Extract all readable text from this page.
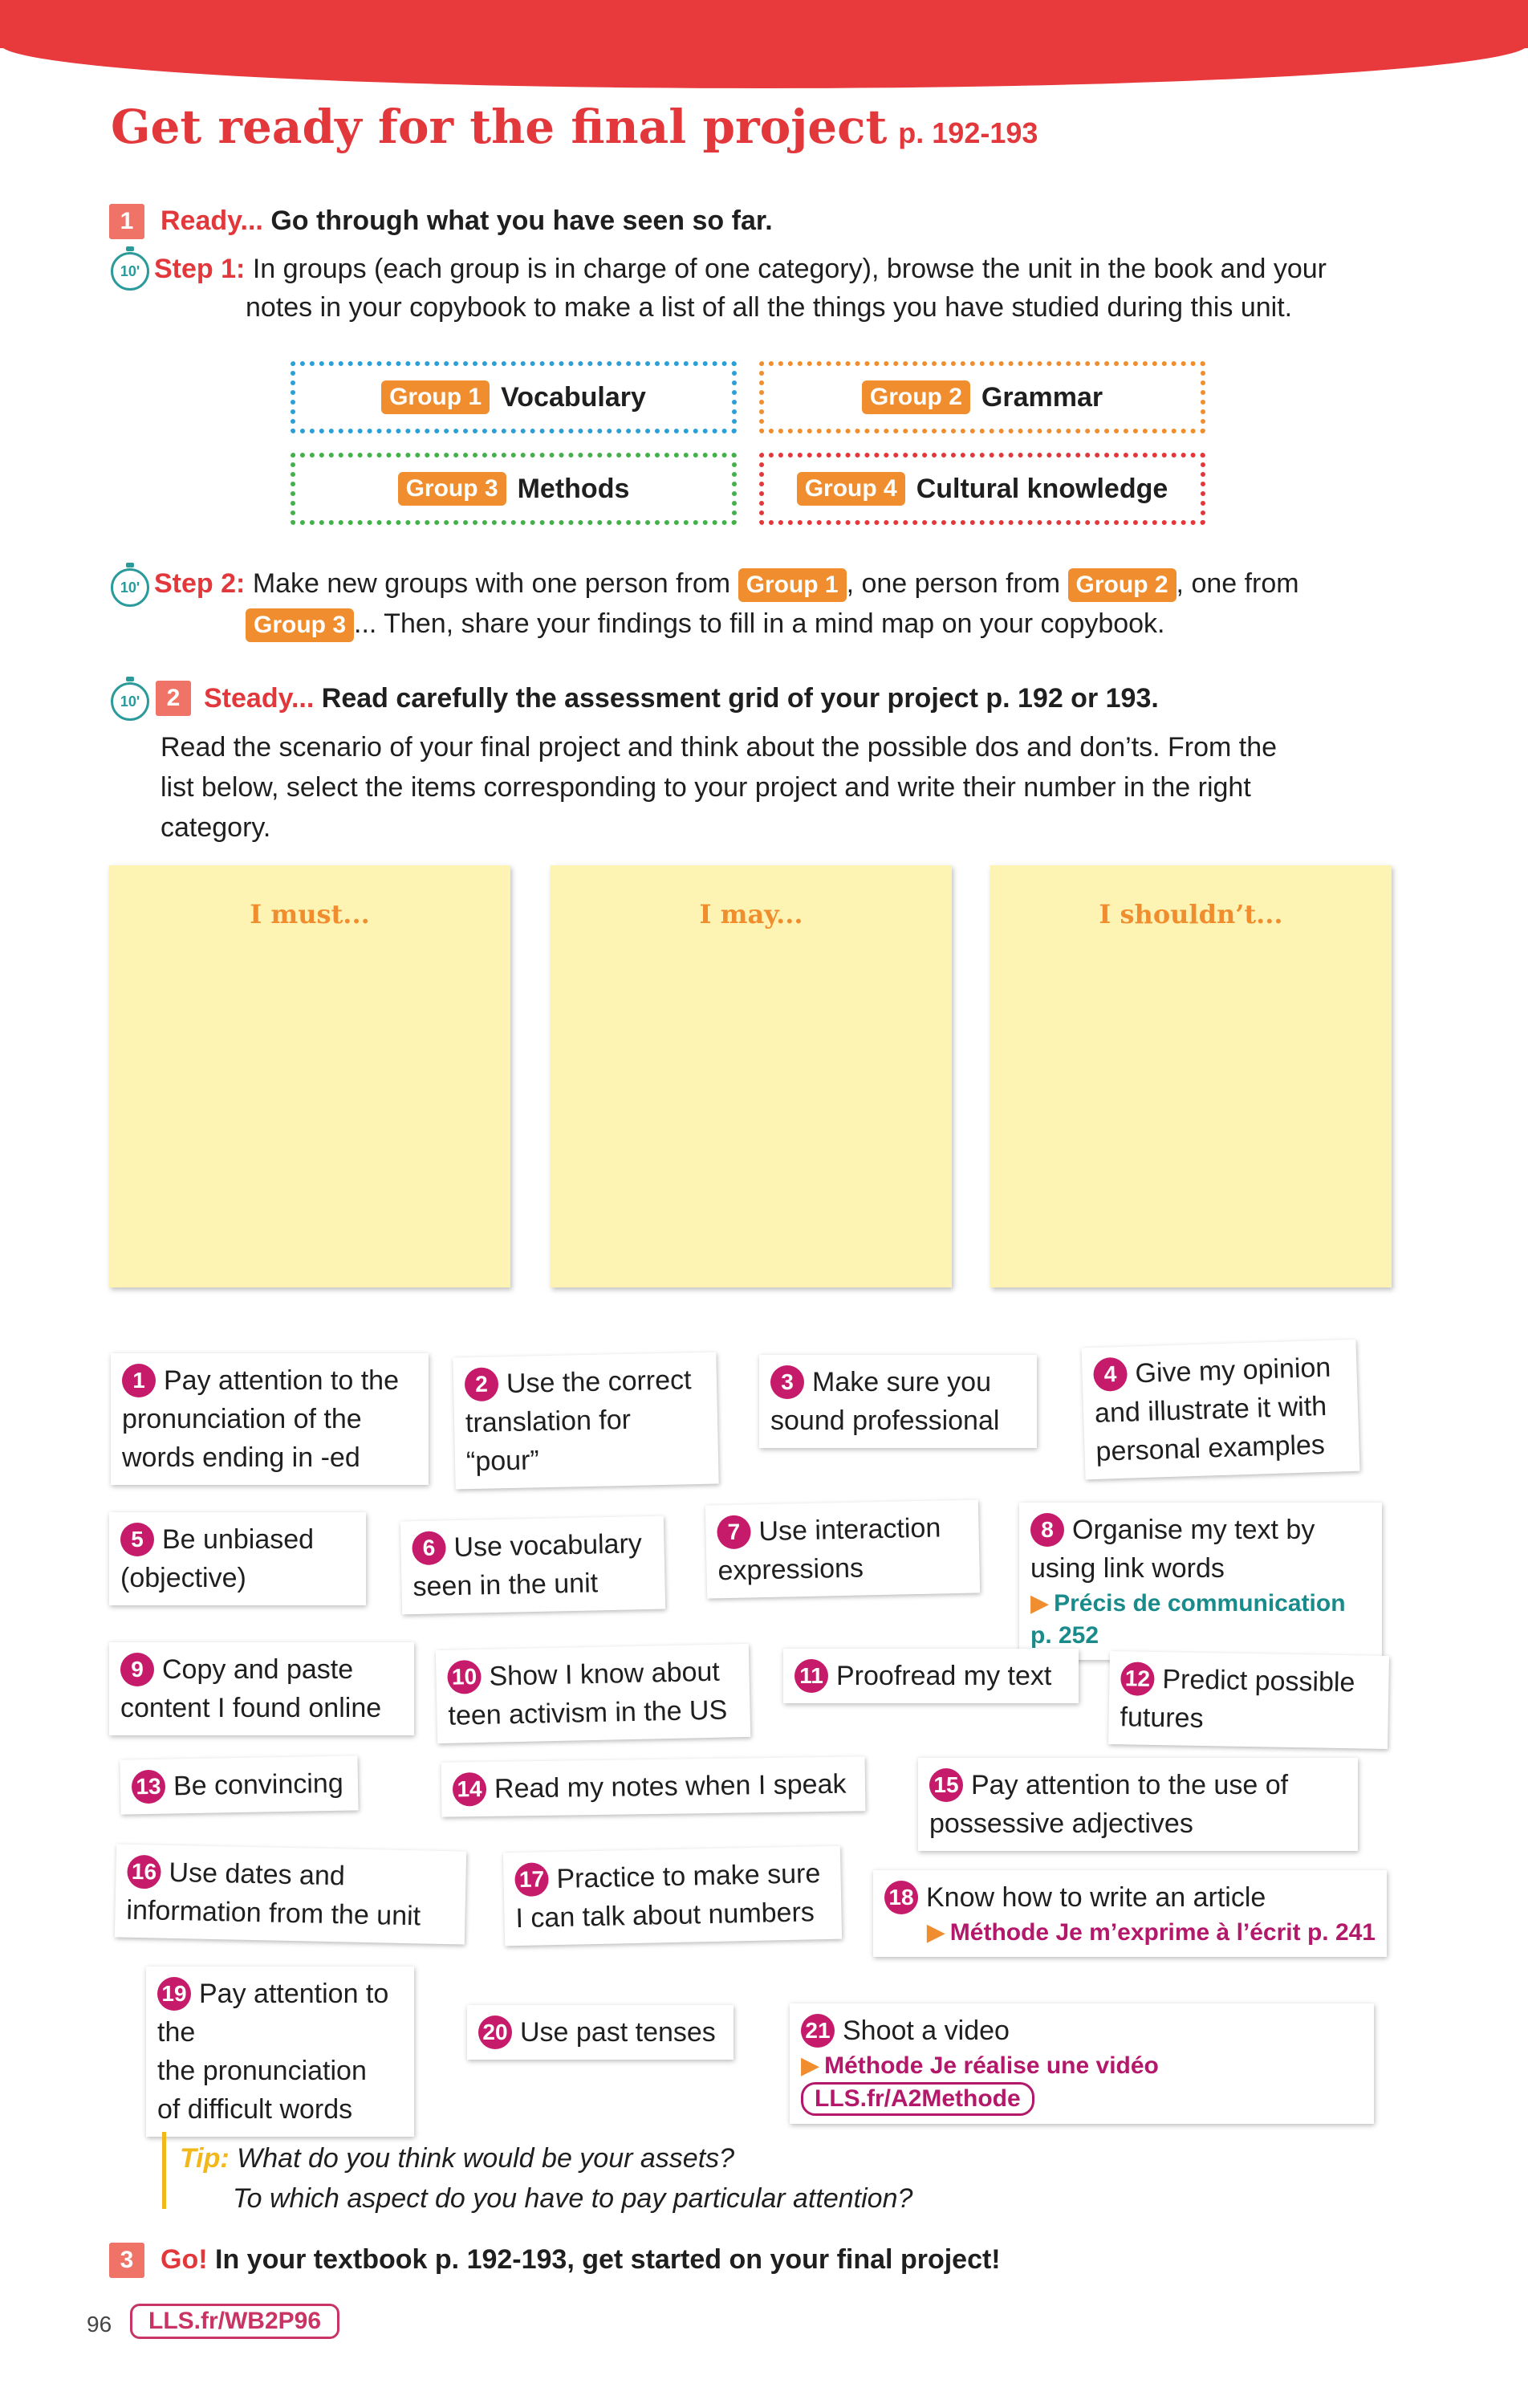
Get ready for the final project p. 192-193
1 Ready... Go through what you have seen so far.
10' Step 1: In groups (each group is in charge of one category), browse the unit in the book and your
notes in your copybook to make a list of all the things you have studied during this unit.
Group 1 Vocabulary	Group 2 Grammar
Group 3 Methods	Group 4 Cultural knowledge
10' Step 2: Make new groups with one person from Group 1 , one person from Group 2 , one from
Group 3 ... Then, share your findings to fill in a mind map on your copybook.
10'	2 Steady... Read carefully the assessment grid of your project p. 192 or 193.
Read the scenario of your final project and think about the possible dos and don’ts. From the
list below, select the items corresponding to your project and write their number in the right
category.
I must...	I may...	I shouldn’t...
1 Pay attention to the
pronunciation of the
words ending in -ed
2 Use the correct
translation for
“pour”
3 Make sure you
sound professional
4 Give my opinion
and illustrate it with
personal examples
5 Be unbiased
(objective)
6 Use vocabulary
seen in the unit
7 Use interaction
expressions
8 Organise my text by
using link words

▶ Précis de communication p. 252
9 Copy and paste
content I found online
10 Show I know about
teen activism in the US
11 Proofread my text	12 Predict possible
futures
13 Be convincing	14 Read my notes when I speak	15 Pay attention to the use of
possessive adjectives
16 Use dates and
information from the unit
17 Practice to make sure
I can talk about numbers	18 Know how to write an article

▶ Méthode Je m’exprime à l’écrit p. 241
19 Pay attention to the
the pronunciation
of difficult words
20 Use past tenses	21 Shoot a video

▶ Méthode Je réalise une vidéo LLS.fr/A2Methode
Tip: What do you think would be your assets?
To which aspect do you have to pay particular attention?
3 Go! In your textbook p. 192-193, get started on your final project!
96	LLS.fr/WB2P96
